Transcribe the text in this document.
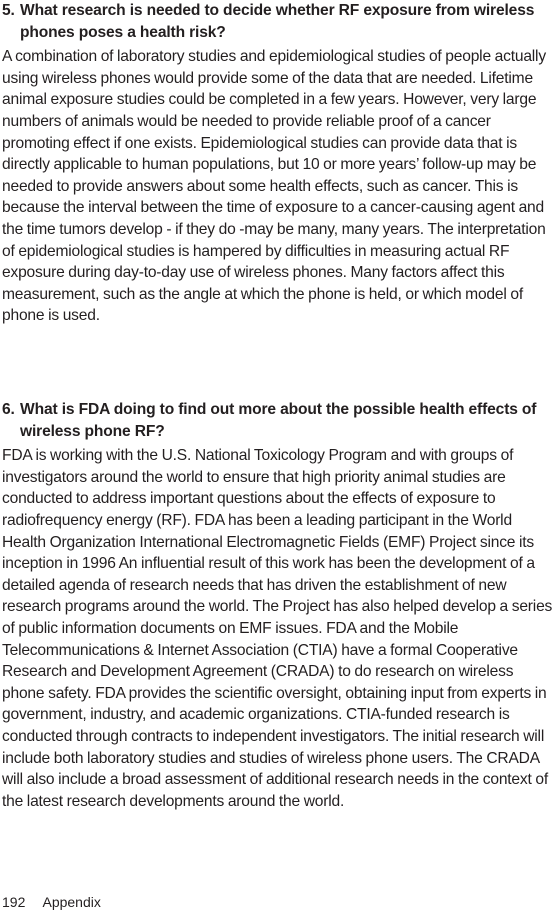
5. What research is needed to decide whether RF exposure from wireless phones poses a health risk?

A combination of laboratory studies and epidemiological studies of people actually using wireless phones would provide some of the data that are needed. Lifetime animal exposure studies could be completed in a few years. However, very large numbers of animals would be needed to provide reliable proof of a cancer promoting effect if one exists. Epidemiological studies can provide data that is directly applicable to human populations, but 10 or more years’ follow-up may be needed to provide answers about some health effects, such as cancer. This is because the interval between the time of exposure to a cancer-causing agent and the time tumors develop - if they do -may be many, many years. The interpretation of epidemiological studies is hampered by difficulties in measuring actual RF exposure during day-to-day use of wireless phones. Many factors affect this measurement, such as the angle at which the phone is held, or which model of phone is used.

6. What is FDA doing to find out more about the possible health effects of wireless phone RF?

FDA is working with the U.S. National Toxicology Program and with groups of investigators around the world to ensure that high priority animal studies are conducted to address important questions about the effects of exposure to radiofrequency energy (RF). FDA has been a leading participant in the World Health Organization International Electromagnetic Fields (EMF) Project since its inception in 1996 An influential result of this work has been the development of a detailed agenda of research needs that has driven the establishment of new research programs around the world. The Project has also helped develop a series of public information documents on EMF issues. FDA and the Mobile Telecommunications & Internet Association (CTIA) have a formal Cooperative Research and Development Agreement (CRADA) to do research on wireless phone safety. FDA provides the scientific oversight, obtaining input from experts in government, industry, and academic organizations. CTIA-funded research is conducted through contracts to independent investigators. The initial research will include both laboratory studies and studies of wireless phone users. The CRADA will also include a broad assessment of additional research needs in the context of the latest research developments around the world.

192 Appendix
